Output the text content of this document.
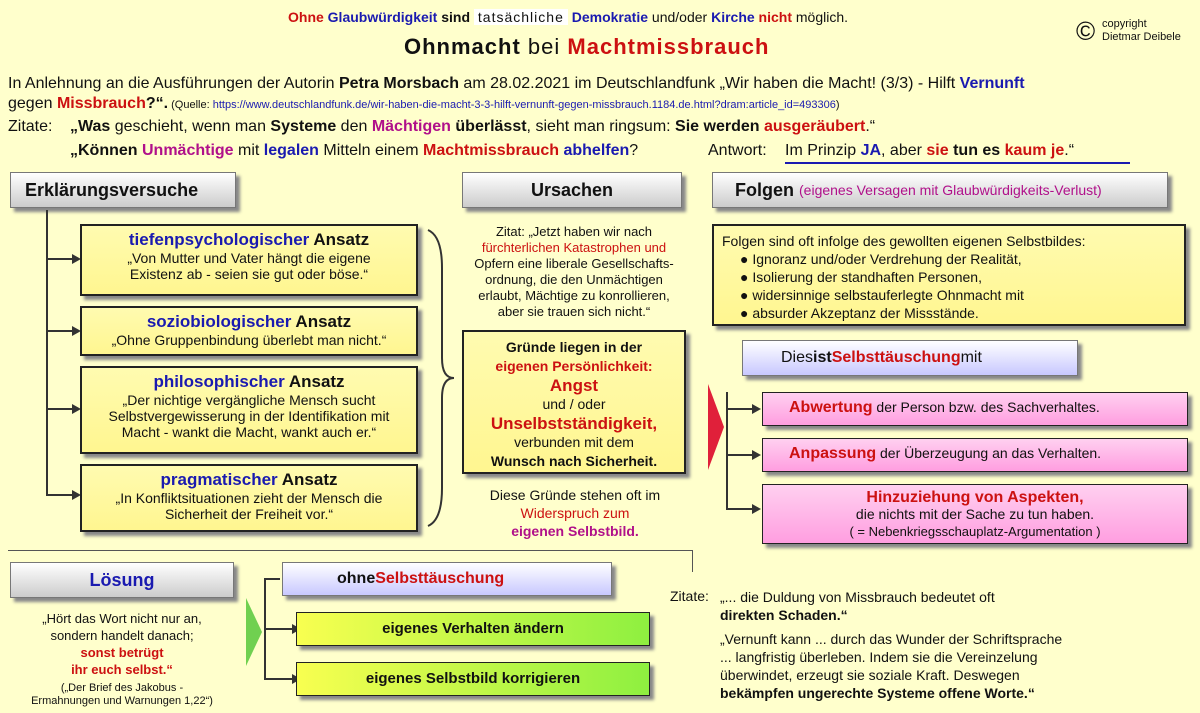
Ohne Glaubwürdigkeit sind tatsächliche Demokratie und/oder Kirche nicht möglich.
Ohnmacht bei Machtmissbrauch
© copyright
Dietmar Deibele
In Anlehnung an die Ausführungen der Autorin Petra Morsbach am 28.02.2021 im Deutschlandfunk „Wir haben die Macht! (3/3) - Hilft Vernunft
gegen Missbrauch?“. (Quelle: https://www.deutschlandfunk.de/wir-haben-die-macht-3-3-hilft-vernunft-gegen-missbrauch.1184.de.html?dram:article_id=493306)
Zitate: „Was geschieht, wenn man Systeme den Mächtigen überlässt, sieht man ringsum: Sie werden ausgeräubert.“
„Können Unmächtige mit legalen Mitteln einem Machtmissbrauch abhelfen?	Antwort: Im Prinzip JA, aber sie tun es kaum je.“
Erklärungsversuche
tiefenpsychologischer Ansatz
„Von Mutter und Vater hängt die eigene
Existenz ab - seien sie gut oder böse.“
soziobiologischer Ansatz
„Ohne Gruppenbindung überlebt man nicht.“
philosophischer Ansatz
„Der nichtige vergängliche Mensch sucht
Selbstvergewisserung in der Identifikation mit
Macht - wankt die Macht, wankt auch er.“
pragmatischer Ansatz
„In Konfliktsituationen zieht der Mensch die
Sicherheit der Freiheit vor.“
Ursachen
Zitat: „Jetzt haben wir nach
fürchterlichen Katastrophen und
Opfern eine liberale Gesellschafts-
ordnung, die den Unmächtigen
erlaubt, Mächtige zu konrollieren,
aber sie trauen sich nicht.“
Gründe liegen in der
eigenen Persönlichkeit:
Angst
und / oder
Unselbstständigkeit,
verbunden mit dem
Wunsch nach Sicherheit.
Diese Gründe stehen oft im
Widerspruch zum
eigenen Selbstbild.
Folgen
(eigenes Versagen mit Glaubwürdigkeits-Verlust)
Folgen sind oft infolge des gewollten eigenen Selbstbildes:
● Ignoranz und/oder Verdrehung der Realität,
● Isolierung der standhaften Personen,
● widersinnige selbstauferlegte Ohnmacht mit
● absurder Akzeptanz der Missstände.
Dies ist Selbsttäuschung mit
Abwertung der Person bzw. des Sachverhaltes.
Anpassung der Überzeugung an das Verhalten.
Hinzuziehung von Aspekten,
die nichts mit der Sache zu tun haben.
( = Nebenkriegsschauplatz-Argumentation )
Lösung
„Hört das Wort nicht nur an,
sondern handelt danach;
sonst betrügt
ihr euch selbst.“
(„Der Brief des Jakobus -
Ermahnungen und Warnungen 1,22“)
ohne Selbsttäuschung
eigenes Verhalten ändern
eigenes Selbstbild korrigieren
Zitate: „... die Duldung von Missbrauch bedeutet oft
direkten Schaden.“
„Vernunft kann ... durch das Wunder der Schriftsprache
... langfristig überleben. Indem sie die Vereinzelung
überwindet, erzeugt sie soziale Kraft. Deswegen
bekämpfen ungerechte Systeme offene Worte.“
